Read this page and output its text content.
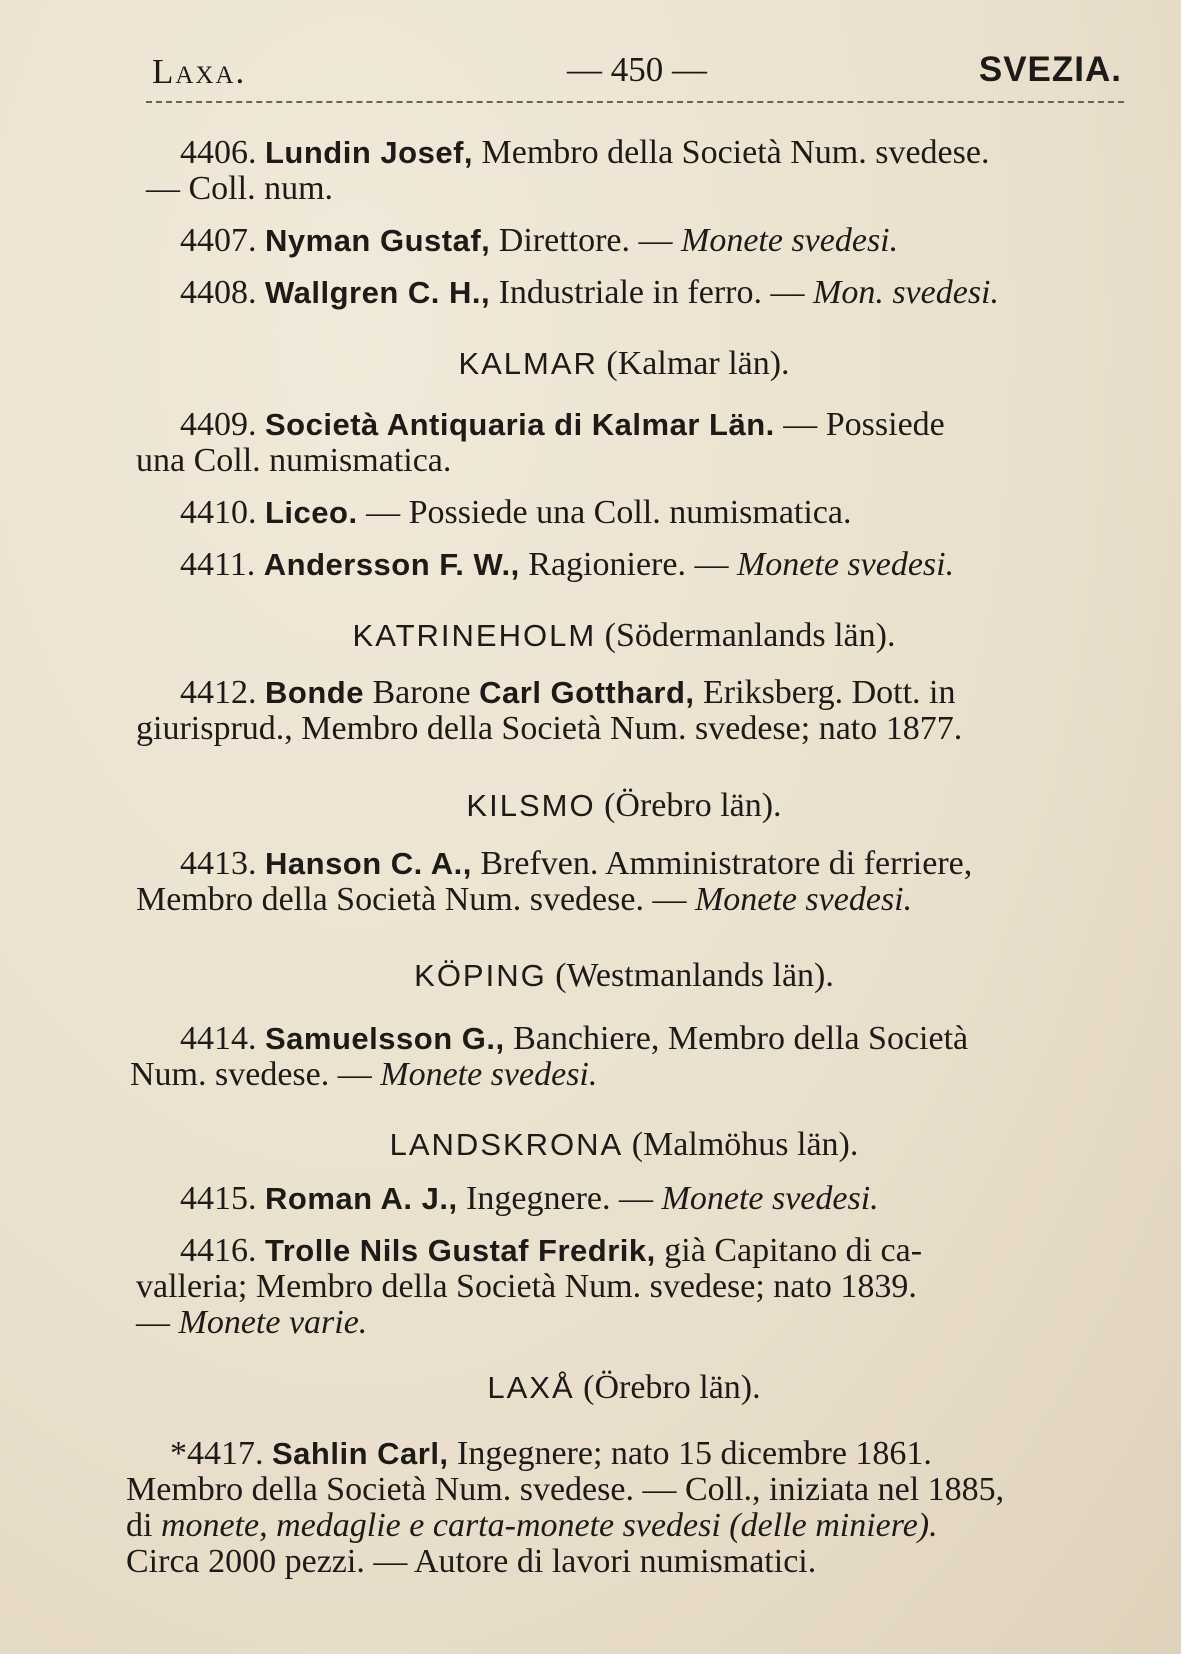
Laxa.	— 450 —	SVEZIA.
4406. Lundin Josef, Membro della Società Num. svedese.
— Coll. num.
4407. Nyman Gustaf, Direttore. — Monete svedesi.
4408. Wallgren C. H., Industriale in ferro. — Mon. svedesi.
KALMAR (Kalmar län).
4409. Società Antiquaria di Kalmar Län. — Possiede
una Coll. numismatica.
4410. Liceo. — Possiede una Coll. numismatica.
4411. Andersson F. W., Ragioniere. — Monete svedesi.
KATRINEHOLM (Södermanlands län).
4412. Bonde Barone Carl Gotthard, Eriksberg. Dott. in
giurisprud., Membro della Società Num. svedese; nato 1877.
KILSMO (Örebro län).
4413. Hanson C. A., Brefven. Amministratore di ferriere,
Membro della Società Num. svedese. — Monete svedesi.
KÖPING (Westmanlands län).
4414. Samuelsson G., Banchiere, Membro della Società
Num. svedese. — Monete svedesi.
LANDSKRONA (Malmöhus län).
4415. Roman A. J., Ingegnere. — Monete svedesi.
4416. Trolle Nils Gustaf Fredrik, già Capitano di ca-
valleria; Membro della Società Num. svedese; nato 1839.
— Monete varie.
LAXÅ (Örebro län).
*4417. Sahlin Carl, Ingegnere; nato 15 dicembre 1861.
Membro della Società Num. svedese. — Coll., iniziata nel 1885,
di monete, medaglie e carta-monete svedesi (delle miniere).
Circa 2000 pezzi. — Autore di lavori numismatici.
